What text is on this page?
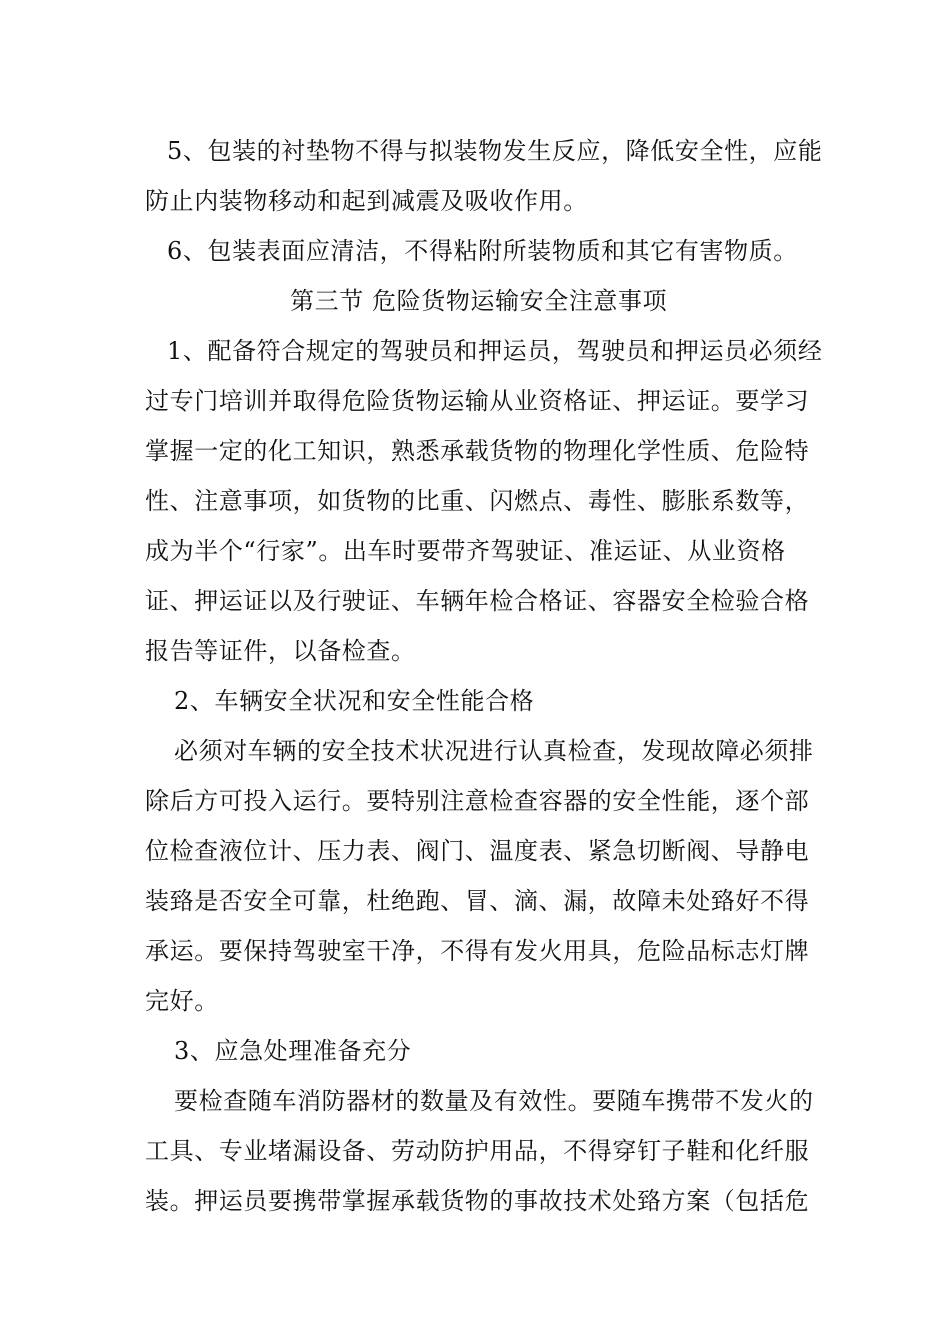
5、包装的衬垫物不得与拟装物发生反应，降低安全性，应能
防止内装物移动和起到减震及吸收作用。
6、包装表面应清洁，不得粘附所装物质和其它有害物质。
第三节 危险货物运输安全注意事项
1、配备符合规定的驾驶员和押运员，驾驶员和押运员必须经
过专门培训并取得危险货物运输从业资格证、押运证。要学习
掌握一定的化工知识，熟悉承载货物的物理化学性质、危险特
性、注意事项，如货物的比重、闪燃点、毒性、膨胀系数等，
成为半个“行家”。出车时要带齐驾驶证、准运证、从业资格
证、押运证以及行驶证、车辆年检合格证、容器安全检验合格
报告等证件，以备检查。
2、车辆安全状况和安全性能合格
必须对车辆的安全技术状况进行认真检查，发现故障必须排
除后方可投入运行。要特别注意检查容器的安全性能，逐个部
位检查液位计、压力表、阀门、温度表、紧急切断阀、导静电
装臵是否安全可靠，杜绝跑、冒、滴、漏，故障未处臵好不得
承运。要保持驾驶室干净，不得有发火用具，危险品标志灯牌
完好。
3、应急处理准备充分
要检查随车消防器材的数量及有效性。要随车携带不发火的
工具、专业堵漏设备、劳动防护用品，不得穿钉子鞋和化纤服
装。押运员要携带掌握承载货物的事故技术处臵方案（包括危
